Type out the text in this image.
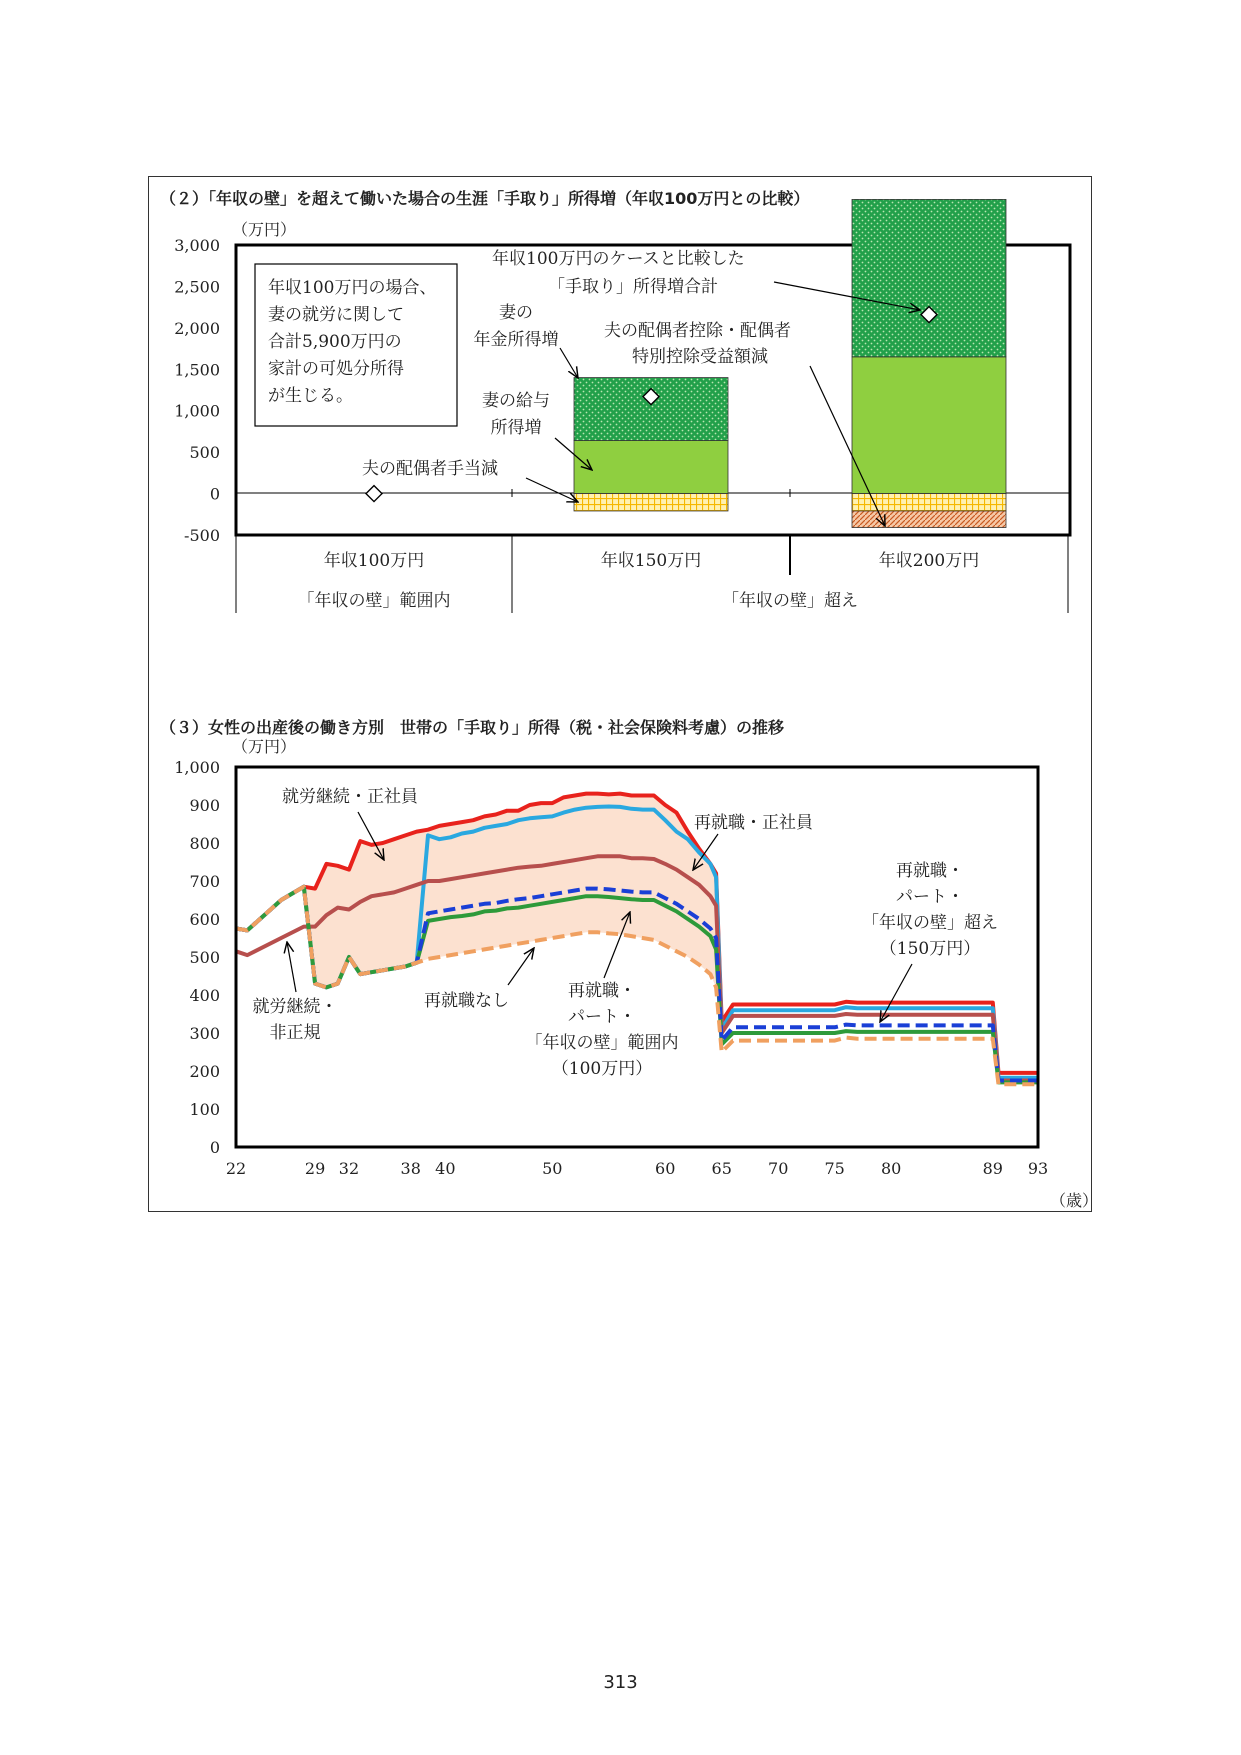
（２）「年収の壁」を超えて働いた場合の生涯「手取り」所得増（年収100万円との比較）
（万円）
-500
0
500
1,000
1,500
2,000
2,500
3,000
年収100万円	年収150万円	年収200万円
「年収の壁」範囲内	「年収の壁」超え
年収100万円の場合、
妻の就労に関して
合計5,900万円の
家計の可処分所得
が生じる。
年収100万円のケースと比較した
「手取り」所得増合計
妻の
年金所得増	夫の配偶者控除・配偶者
特別控除受益額減
妻の給与
所得増
夫の配偶者手当減
（３）女性の出産後の働き方別　世帯の「手取り」所得（税・社会保険料考慮）の推移
（万円）
（歳）
0
100
200
300
400
500
600
700
800
900
1,000
22	29 32	38 40	50	60 65 70 75 80	89 93
就労継続・正社員
再就職・正社員
再就職・
パート・
「年収の壁」超え
（150万円）
就労継続・
非正規
再就職なし	再就職・
パート・
「年収の壁」範囲内
（100万円）
313
